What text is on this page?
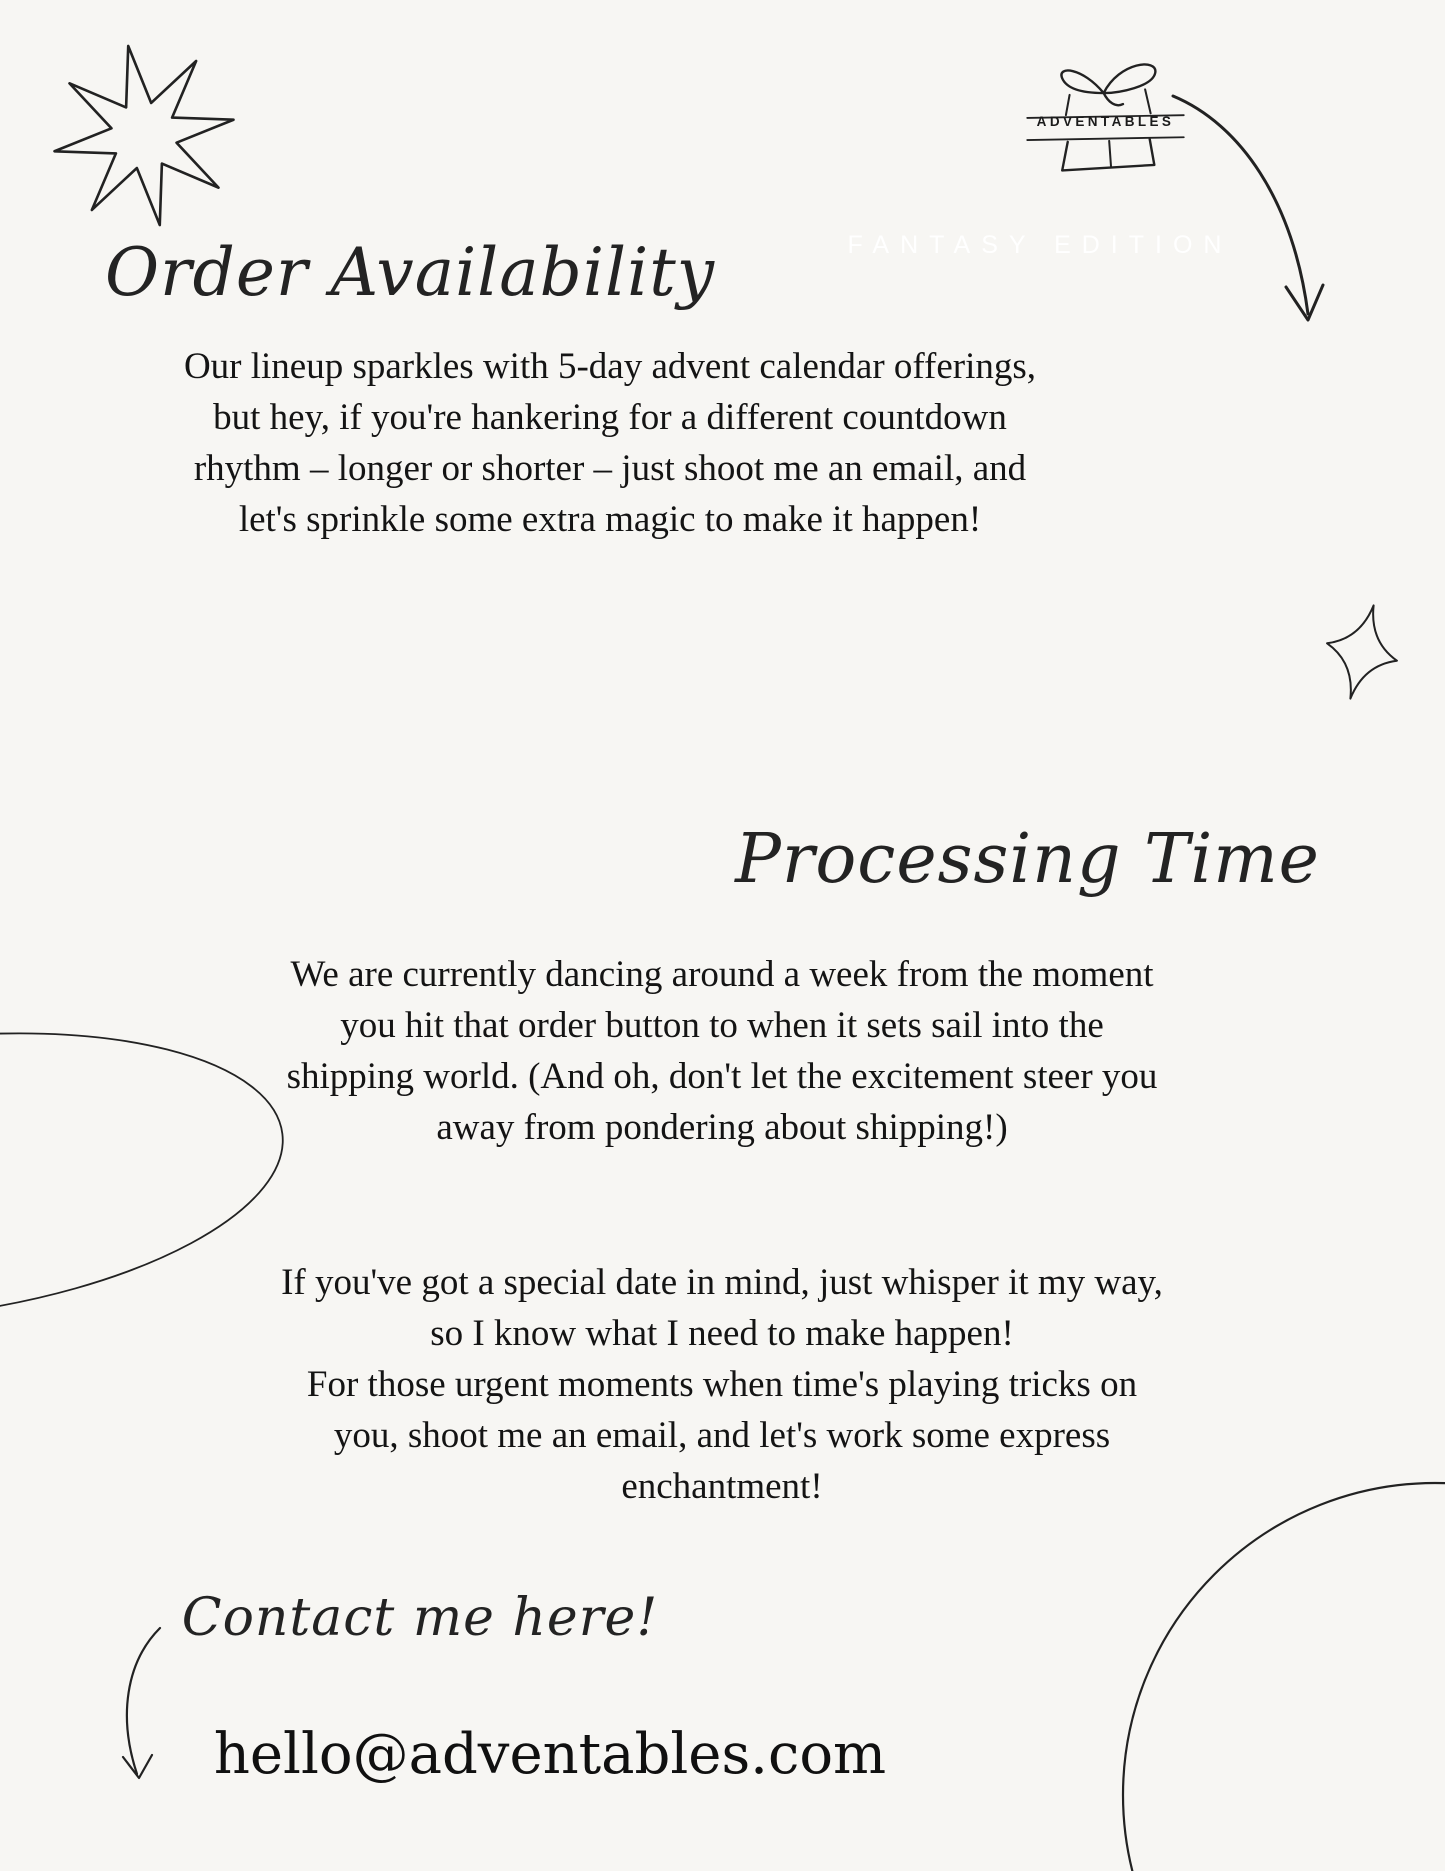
ADVENTABLES
FANTASY EDITION
Order Availability
Our lineup sparkles with 5-day advent calendar offerings,
but hey, if you're hankering for a different countdown
rhythm – longer or shorter – just shoot me an email, and
let's sprinkle some extra magic to make it happen!
Processing Time
We are currently dancing around a week from the moment
you hit that order button to when it sets sail into the
shipping world. (And oh, don't let the excitement steer you
away from pondering about shipping!)
If you've got a special date in mind, just whisper it my way,
so I know what I need to make happen!
For those urgent moments when time's playing tricks on
you, shoot me an email, and let's work some express
enchantment!
Contact me here!
hello@adventables.com
